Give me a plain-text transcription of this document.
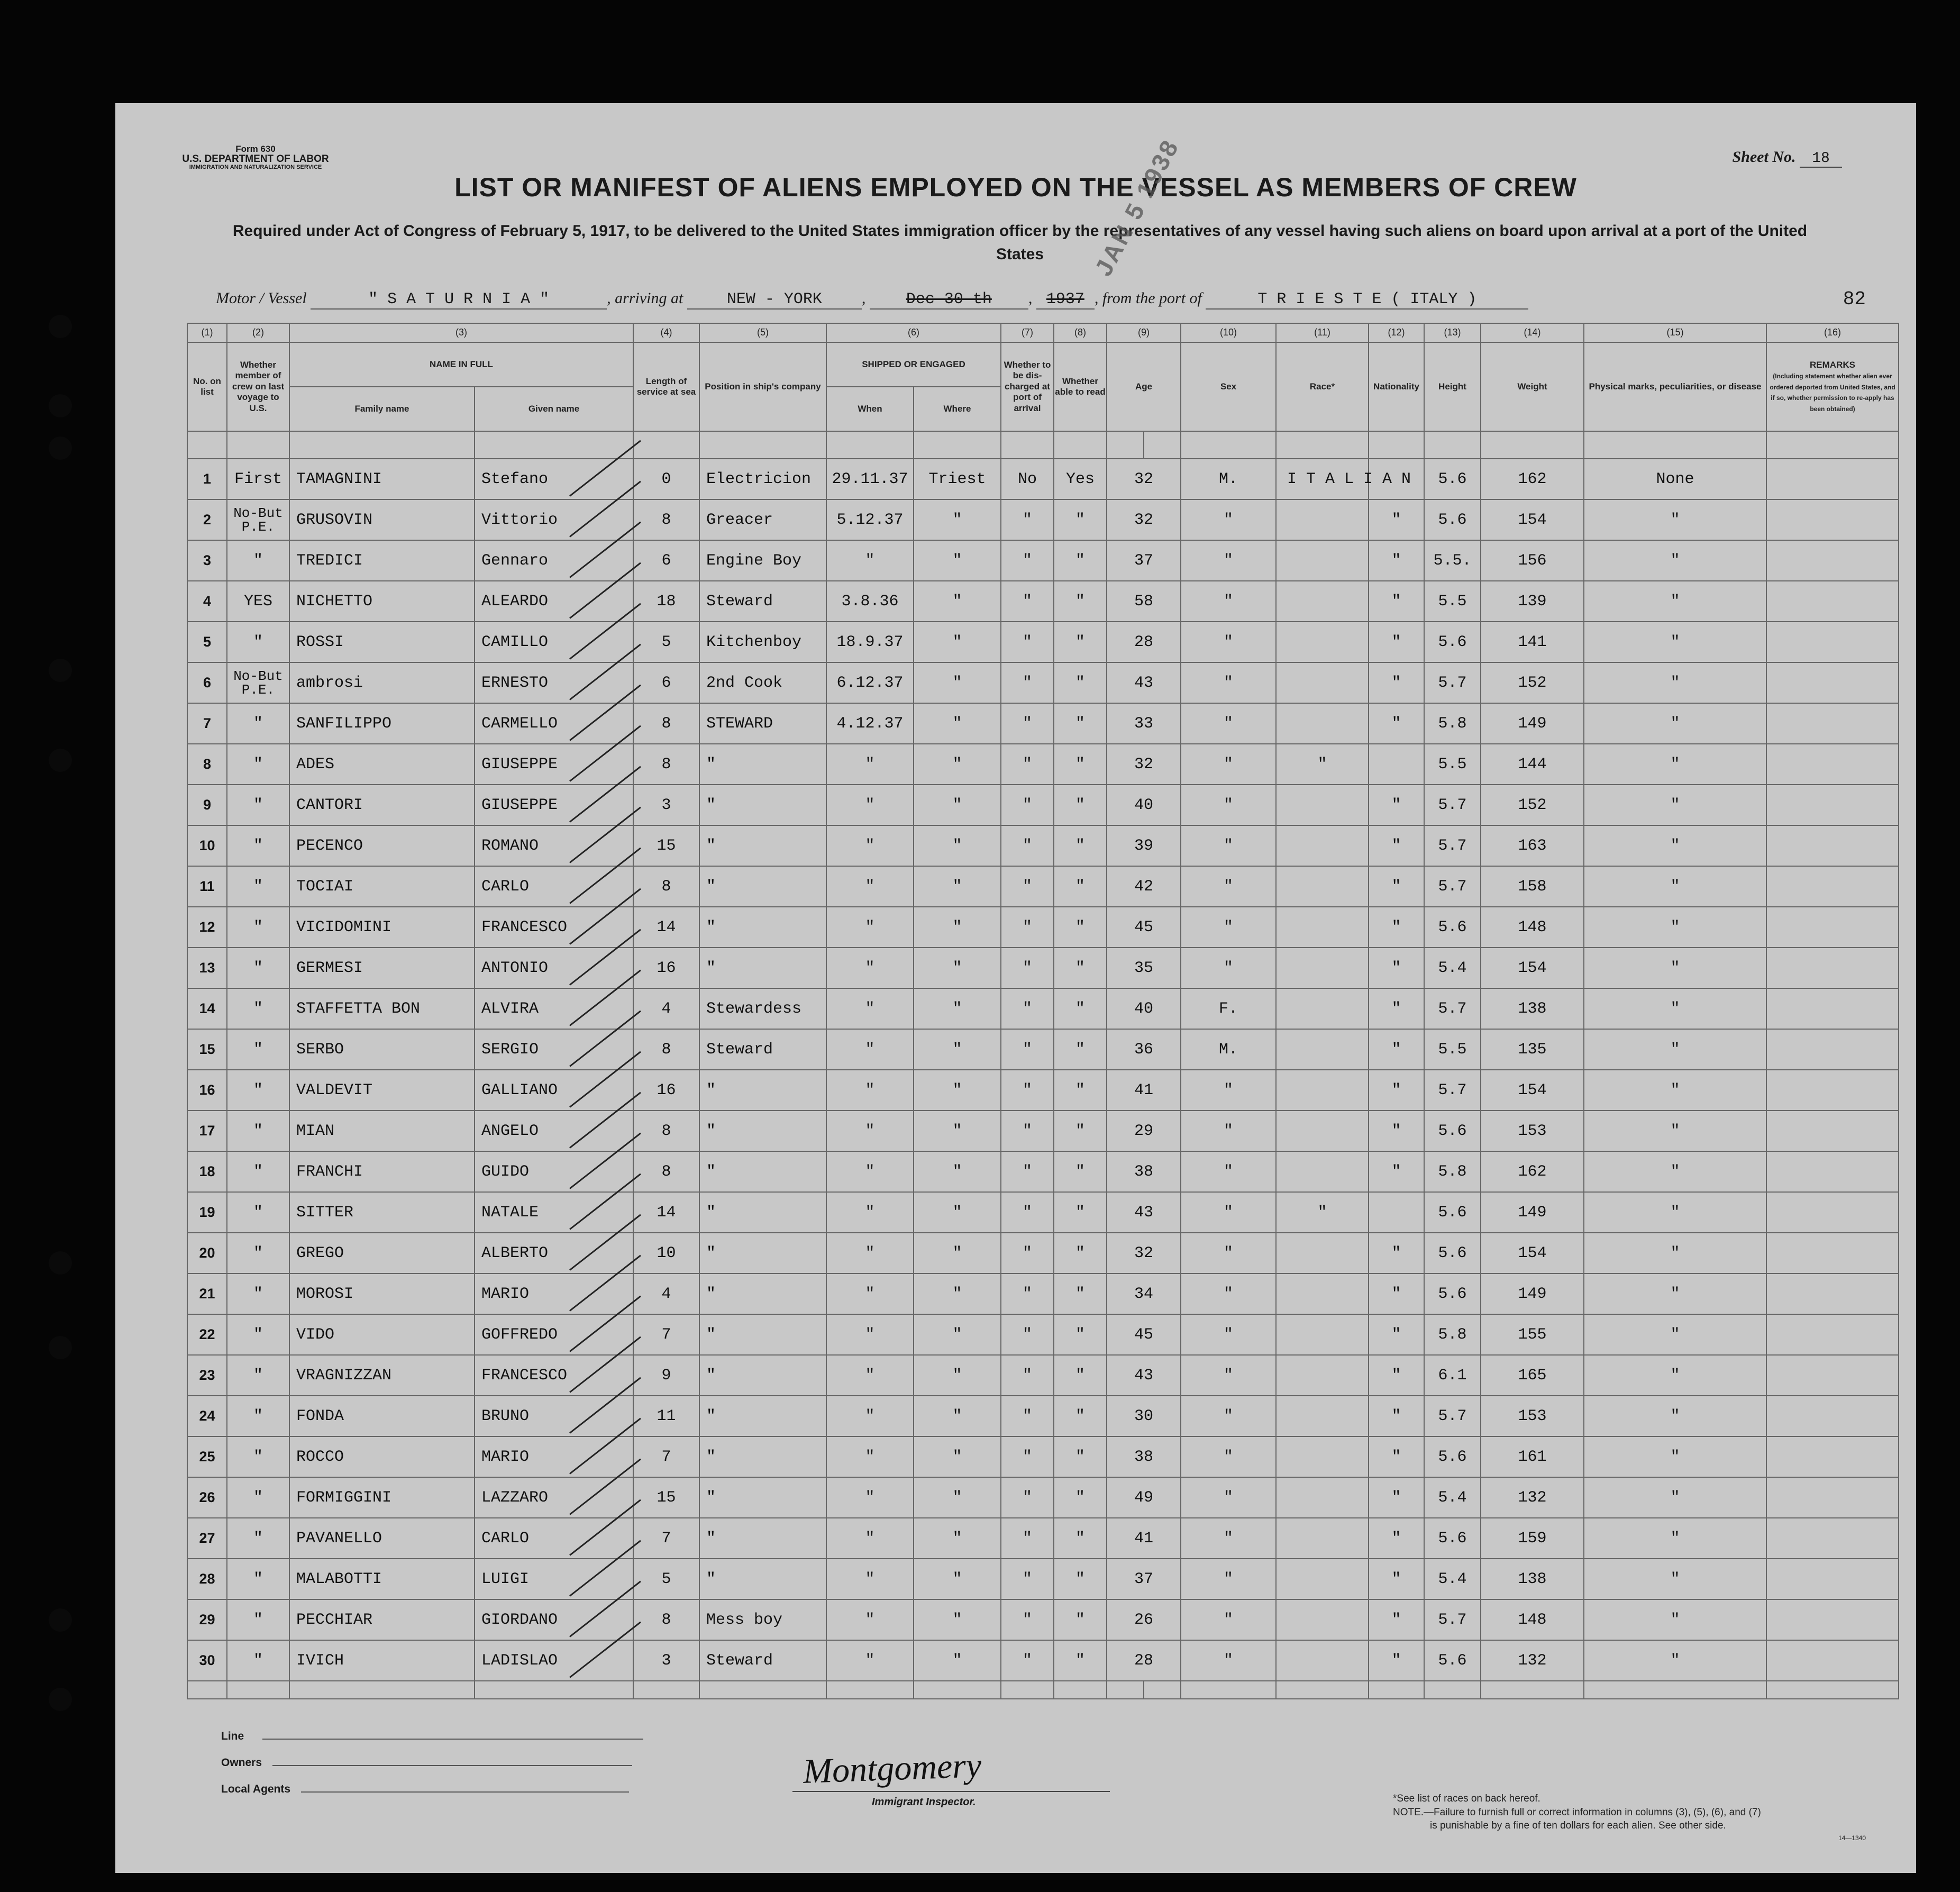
Form 630
U.S. DEPARTMENT OF LABOR
IMMIGRATION AND NATURALIZATION SERVICE
Sheet No. 18
LIST OR MANIFEST OF ALIENS EMPLOYED ON THE VESSEL AS MEMBERS OF CREW
Required under Act of Congress of February 5, 1917, to be delivered to the United States immigration officer by the representatives of any vessel having such aliens on board upon arrival at a port of the United States
Motor / Vessel	" S A T U R N I A "	, arriving at	NEW - YORK , Dec 30 th , 1937 , from the port of	T R I E S T E ( ITALY )	82
JAN 5 1938
(1)	(2)	(3)		(4)	(5)	(6)		(7)	(8)	(9)		(10)	(11)	(12)	(13)	(14)	(15)	(16)	
No. on list	Whether member of crew on last voyage to U.S.	NAME IN FULL		Length of service at sea	Position in ship's company	SHIPPED OR ENGAGED		Whether to be dis-charged at port of arrival	Whether able to read	Age		Sex	Race*	Nationality	Height	Weight	Physical marks, peculiarities, or disease	REMARKS
(Including statement whether alien ever ordered deported from United States, and if so, whether permission to re-apply has been obtained)	
		Family name	Given name			When	Where												

1	First	TAMAGNINI	Stefano	0	Electricion	29.11.37	Triest	No	Yes	32		M.	I T A L I A N		5.6	162	None		
2	No-But P.E.	GRUSOVIN	Vittorio	8	Greacer	5.12.37	"	"	"	32		"		"	5.6	154	"		
3	"	TREDICI	Gennaro	6	Engine Boy	"	"	"	"	37		"		"	5.5.	156	"		
4	YES	NICHETTO	ALEARDO	18	Steward	3.8.36	"	"	"	58		"		"	5.5	139	"		
5	"	ROSSI	CAMILLO	5	Kitchenboy	18.9.37	"	"	"	28		"		"	5.6	141	"		
6	No-But P.E.	ambrosi	ERNESTO	6	2nd Cook	6.12.37	"	"	"	43		"		"	5.7	152	"		
7	"	SANFILIPPO	CARMELLO	8	STEWARD	4.12.37	"	"	"	33		"		"	5.8	149	"		
8	"	ADES	GIUSEPPE	8	"	"	"	"	"	32		"	"		5.5	144	"		
9	"	CANTORI	GIUSEPPE	3	"	"	"	"	"	40		"		"	5.7	152	"		
10	"	PECENCO	ROMANO	15	"	"	"	"	"	39		"		"	5.7	163	"		
11	"	TOCIAI	CARLO	8	"	"	"	"	"	42		"		"	5.7	158	"		
12	"	VICIDOMINI	FRANCESCO	14	"	"	"	"	"	45		"		"	5.6	148	"		
13	"	GERMESI	ANTONIO	16	"	"	"	"	"	35		"		"	5.4	154	"		
14	"	STAFFETTA BON	ALVIRA	4	Stewardess	"	"	"	"	40		F.		"	5.7	138	"		
15	"	SERBO	SERGIO	8	Steward	"	"	"	"	36		M.		"	5.5	135	"		
16	"	VALDEVIT	GALLIANO	16	"	"	"	"	"	41		"		"	5.7	154	"		
17	"	MIAN	ANGELO	8	"	"	"	"	"	29		"		"	5.6	153	"		
18	"	FRANCHI	GUIDO	8	"	"	"	"	"	38		"		"	5.8	162	"		
19	"	SITTER	NATALE	14	"	"	"	"	"	43		"	"		5.6	149	"		
20	"	GREGO	ALBERTO	10	"	"	"	"	"	32		"		"	5.6	154	"		
21	"	MOROSI	MARIO	4	"	"	"	"	"	34		"		"	5.6	149	"		
22	"	VIDO	GOFFREDO	7	"	"	"	"	"	45		"		"	5.8	155	"		
23	"	VRAGNIZZAN	FRANCESCO	9	"	"	"	"	"	43		"		"	6.1	165	"		
24	"	FONDA	BRUNO	11	"	"	"	"	"	30		"		"	5.7	153	"		
25	"	ROCCO	MARIO	7	"	"	"	"	"	38		"		"	5.6	161	"		
26	"	FORMIGGINI	LAZZARO	15	"	"	"	"	"	49		"		"	5.4	132	"		
27	"	PAVANELLO	CARLO	7	"	"	"	"	"	41		"		"	5.6	159	"		
28	"	MALABOTTI	LUIGI	5	"	"	"	"	"	37		"		"	5.4	138	"		
29	"	PECCHIAR	GIORDANO	8	Mess boy	"	"	"	"	26		"		"	5.7	148	"		
30	"	IVICH	LADISLAO	3	Steward	"	"	"	"	28		"		"	5.6	132	"		

Line
Owners
Local Agents	Montgomery
Immigrant Inspector.	*See list of races on back hereof.
NOTE.—Failure to furnish full or correct information in columns (3), (5), (6), and (7)
is punishable by a fine of ten dollars for each alien. See other side.
14—1340
